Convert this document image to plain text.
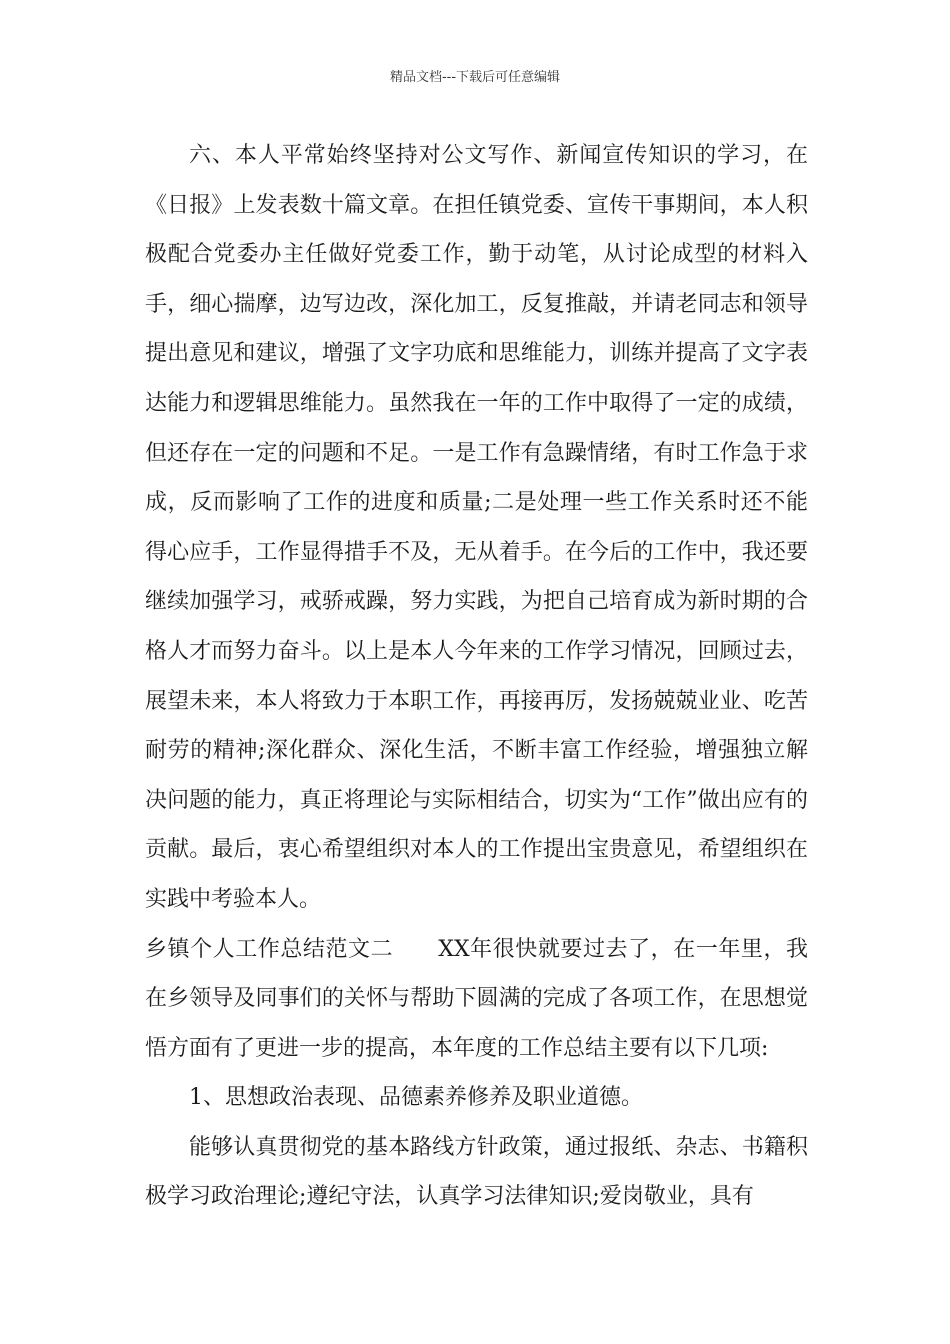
精品文档---下载后可任意编辑

六、本人平常始终坚持对公文写作、新闻宣传知识的学习，在《日报》上发表数十篇文章。在担任镇党委、宣传干事期间，本人积极配合党委办主任做好党委工作，勤于动笔，从讨论成型的材料入手，细心揣摩，边写边改，深化加工，反复推敲，并请老同志和领导提出意见和建议，增强了文字功底和思维能力，训练并提高了文字表达能力和逻辑思维能力。虽然我在一年的工作中取得了一定的成绩，但还存在一定的问题和不足。一是工作有急躁情绪，有时工作急于求成，反而影响了工作的进度和质量;二是处理一些工作关系时还不能得心应手，工作显得措手不及，无从着手。在今后的工作中，我还要继续加强学习，戒骄戒躁，努力实践，为把自己培育成为新时期的合格人才而努力奋斗。以上是本人今年来的工作学习情况，回顾过去，展望未来，本人将致力于本职工作，再接再厉，发扬兢兢业业、吃苦耐劳的精神;深化群众、深化生活，不断丰富工作经验，增强独立解决问题的能力，真正将理论与实际相结合，切实为“工作”做出应有的贡献。最后，衷心希望组织对本人的工作提出宝贵意见，希望组织在实践中考验本人。

乡镇个人工作总结范文二　　XX年很快就要过去了，在一年里，我在乡领导及同事们的关怀与帮助下圆满的完成了各项工作，在思想觉悟方面有了更进一步的提高，本年度的工作总结主要有以下几项:

1、思想政治表现、品德素养修养及职业道德。

能够认真贯彻党的基本路线方针政策，通过报纸、杂志、书籍积极学习政治理论;遵纪守法，认真学习法律知识;爱岗敬业，具有
